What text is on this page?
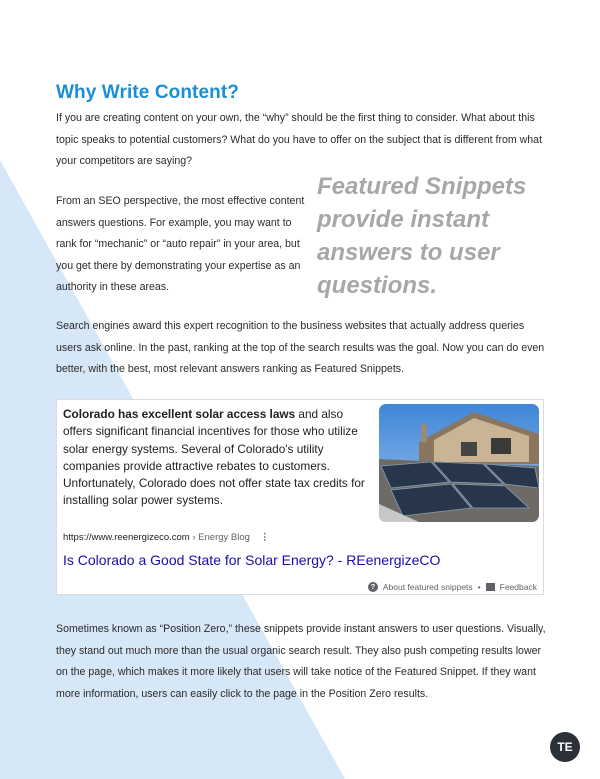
Why Write Content?
If you are creating content on your own, the “why” should be the first thing to consider. What about this topic speaks to potential customers? What do you have to offer on the subject that is different from what your competitors are saying?
From an SEO perspective, the most effective content answers questions. For example, you may want to rank for “mechanic” or “auto repair” in your area, but you get there by demonstrating your expertise as an authority in these areas.
Featured Snippets provide instant answers to user questions.
Search engines award this expert recognition to the business websites that actually address queries users ask online. In the past, ranking at the top of the search results was the goal. Now you can do even better, with the best, most relevant answers ranking as Featured Snippets.
Colorado has excellent solar access laws and also offers significant financial incentives for those who utilize solar energy systems. Several of Colorado's utility companies provide attractive rebates to customers. Unfortunately, Colorado does not offer state tax credits for installing solar power systems.
https://www.reenergizeco.com › Energy Blog ⋮
Is Colorado a Good State for Solar Energy? - REenergizeCO
? About featured snippets • Feedback
Sometimes known as “Position Zero,” these snippets provide instant answers to user questions. Visually, they stand out much more than the usual organic search result. They also push competing results lower on the page, which makes it more likely that users will take notice of the Featured Snippet. If they want more information, users can easily click to the page in the Position Zero results.
TE
